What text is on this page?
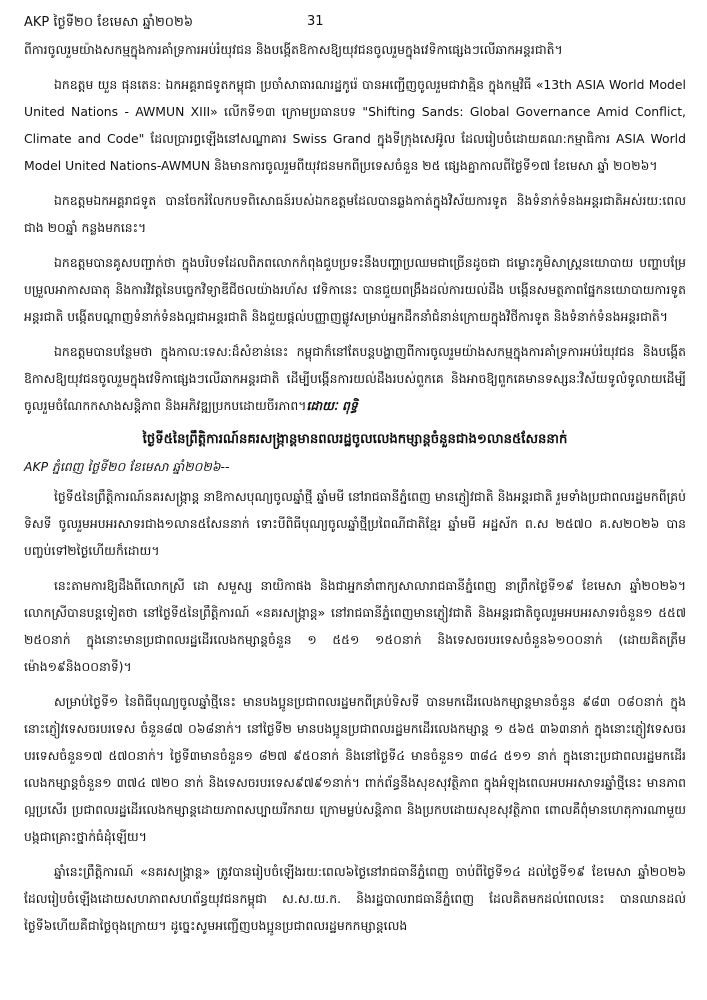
AKP ថ្ងៃទី២០ ខែមេសា ឆ្នាំ២០២៦	31

ពីការចូលរួមយ៉ាងសកម្មក្នុងការគាំទ្រការអប់រំយុវជន និងបង្កើតឱកាសឱ្យយុវជនចូលរួមក្នុងវេទិកាផ្សេងៗលើឆាកអន្តរជាតិ។

ឯកឧត្តម យួន ផុនតេន: ឯកអគ្គរាជទូតកម្ពុជា ប្រចាំសាធារណរដ្ឋកូរ៉េ បានអញ្ជើញចូលរួមជាវាគ្មិន ក្នុងកម្មវិធី «13th ASIA World Model United Nations - AWMUN XIII» លើកទី១៣ ក្រោមប្រធានបទ "Shifting Sands: Global Governance Amid Conflict, Climate and Code" ដែលប្រារព្ធឡើងនៅសណ្ឋាគារ Swiss Grand ក្នុងទីក្រុងសេអ៊ូល ដែលរៀបចំដោយគណ:កម្មាធិការ ASIA World Model United Nations-AWMUN និងមានការចូលរួមពីយុវជនមកពីប្រទេសចំនួន ២៥ ផ្សេងគ្នាកាលពីថ្ងៃទី១៧ ខែមេសា ឆ្នាំ ២០២៦។

ឯកឧត្តមឯកអគ្គរាជទូត បានចែករំលែកបទពិសោធន៍របស់ឯកឧត្តមដែលបានឆ្លងកាត់ក្នុងវិស័យការទូត និងទំនាក់ទំនងអន្តរជាតិអស់រយ:ពេលជាង ២០ឆ្នាំ កន្លងមកនេះ។

ឯកឧត្តមបានគូសបញ្ជាក់ថា ក្នុងបរិបទដែលពិភពលោកកំពុងជួបប្រទះនឹងបញ្ហាប្រឈមជាច្រើនដូចជា ជម្លោះភូមិសាស្ត្រនយោបាយ បញ្ហាបម្រែបម្រួលអាកាសធាតុ និងការវិវត្តនៃបច្ចេកវិទ្យាឌីជីថលយ៉ាងរហ័ស វេទិកានេះ បានជួយពង្រឹងដល់ការយល់ដឹង បង្កើនសមត្ថភាពផ្នែកនយោបាយការទូតអន្តរជាតិ បង្កើតបណ្តាញទំនាក់ទំនងល្អជាអន្តរជាតិ និងជួយផ្តល់បញ្ញាញផ្លូវសម្រាប់អ្នកដឹកនាំជំនាន់ក្រោយក្នុងវិថីការទូត និងទំនាក់ទំនងអន្តរជាតិ។

ឯកឧត្តមបានបន្ថែមថា ក្នុងកាល:ទេស:ដ៏សំខាន់នេះ កម្ពុជាក៏នៅតែបន្តបង្ហាញពីការចូលរួមយ៉ាងសកម្មក្នុងការគាំទ្រការអប់រំយុវជន និងបង្កើតឱកាសឱ្យយុវជនចូលរួមក្នុងវេទិកាផ្សេងៗលើឆាកអន្តរជាតិ ដើម្បីបង្កើនការយល់ដឹងរបស់ពួកគេ និងអាចឱ្យពួកគេមានទស្សនៈវិស័យទូលំទូលាយដើម្បីចូលរួមចំណែកកសាងសន្តិភាព និងអភិវឌ្ឍប្រកបដោយចីរភាព។ដោយៈ ពុទ្ធិ

ថ្ងៃទី៥នៃព្រឹត្តិការណ៍នគរសង្ក្រាន្តមានពលរដ្ឋចូលលេងកម្សាន្តចំនួនជាង១លាន៥សែននាក់
AKP ភ្នំពេញ ថ្ងៃទី២០ ខែមេសា ឆ្នាំ២០២៦--

ថ្ងៃទី៥នៃព្រឹត្តិការណ៍នគរសង្ក្រាន្ត នាឱកាសបុណ្យចូលឆ្នាំថ្មី ឆ្នាំមមី នៅរាជធានីភ្នំពេញ មានភ្ញៀវជាតិ និងអន្តរជាតិ រួមទាំងប្រជាពលរដ្ឋមកពីគ្រប់ទិសទី ចូលរួមអបអរសាទរជាង១លាន៥សែននាក់ ទោះបីពិធីបុណ្យចូលឆ្នាំថ្មីប្រពៃណីជាតិខ្មែរ ឆ្នាំមមី អដ្ឋស័ក ព.ស ២៥៧០ គ.ស២០២៦ បានបញ្ចប់ទៅ២ថ្ងៃហើយក៏ដោយ។

នេះតាមការឱ្យដឹងពីលោកស្រី ដោ សមួស្ស នាយិកាផង និងជាអ្នកនាំពាក្យសាលារាជធានីភ្នំពេញ នាព្រឹកថ្ងៃទី១៩ ខែមេសា ឆ្នាំ២០២៦។ លោកស្រីបានបន្តទៀតថា នៅថ្ងៃទី៥នៃព្រឹត្តិការណ៍ «នគរសង្ក្រាន្ត» នៅរាជធានីភ្នំពេញមានភ្ញៀវជាតិ និងអន្តរជាតិចូលរួមអបអរសាទរចំនួន១ ៥៥៧ ២៥០នាក់ ក្នុងនោះមានប្រជាពលរដ្ឋដើរលេងកម្សាន្តចំនួន ១ ៥៥១ ១៥០នាក់ និងទេសចរបរទេសចំនួន៦១០០នាក់ (ដោយគិតត្រឹមម៉ោង១៩និង០០នាទី)។

សម្រាប់ថ្ងៃទី១ នៃពិធីបុណ្យចូលឆ្នាំថ្មីនេះ មានបងប្អូនប្រជាពលរដ្ឋមកពីគ្រប់ទិសទី បានមកដើរលេងកម្សាន្តមានចំនួន ៩៨៣ ០៨០នាក់ ក្នុងនោះភ្ញៀវទេសចរបរទេស ចំនួន៨៧ ០៦៨នាក់។ នៅថ្ងៃទី២ មានបងប្អូនប្រជាពលរដ្ឋមកដើរលេងកម្សាន្ត ១ ៥៦៥ ៣៦៣នាក់ ក្នុងនោះភ្ញៀវទេសចរបរទេសចំនួន១៧ ៥៧០នាក់។ ថ្ងៃទី៣មានចំនួន១ ៨២៧ ៩៥០នាក់ និងនៅថ្ងៃទី៤ មានចំនួន១ ៣៨៤ ៥១១ នាក់ ក្នុងនោះប្រជាពលរដ្ឋមកដើរលេងកម្សាន្តចំនួន១ ៣៧៤ ៧២០ នាក់ និងទេសចរបរទេស៩៧៩១នាក់។ ពាក់ព័ន្ធនឹងសុខសុវត្ថិភាព ក្នុងអំឡុងពេលអបអរសាទរឆ្នាំថ្មីនេះ មានភាពល្អប្រសើរ ប្រជាពលរដ្ឋដើរលេងកម្សាន្តដោយភាពសប្បាយរីករាយ ក្រោមម្លប់សន្តិភាព និងប្រកបដោយសុខសុវត្ថិភាព ពោលគឺពុំមានហេតុការណាមួយ បង្កជាគ្រោះថ្នាក់ធំដុំឡើយ។

ឆ្នាំនេះព្រឹត្តិការណ៍ «នគរសង្ក្រាន្ត» ត្រូវបានរៀបចំឡើងរយ:ពេល៦ថ្ងៃនៅរាជធានីភ្នំពេញ ចាប់ពីថ្ងៃទី១៤ ដល់ថ្ងៃទី១៩ ខែមេសា ឆ្នាំ២០២៦ ដែលរៀបចំឡើងដោយសហភាពសហព័ន្ធយុវជនកម្ពុជា ស.ស.យ.ក. និងរដ្ឋបាលរាជធានីភ្នំពេញ ដែលគិតមកដល់ពេលនេះ បានឈានដល់ថ្ងៃទី៦ហើយគឺជាថ្ងៃចុងក្រោយ។ ដូច្នេះសូមអញ្ជើញបងប្អូនប្រជាពលរដ្ឋមកកម្សាន្តលេង
